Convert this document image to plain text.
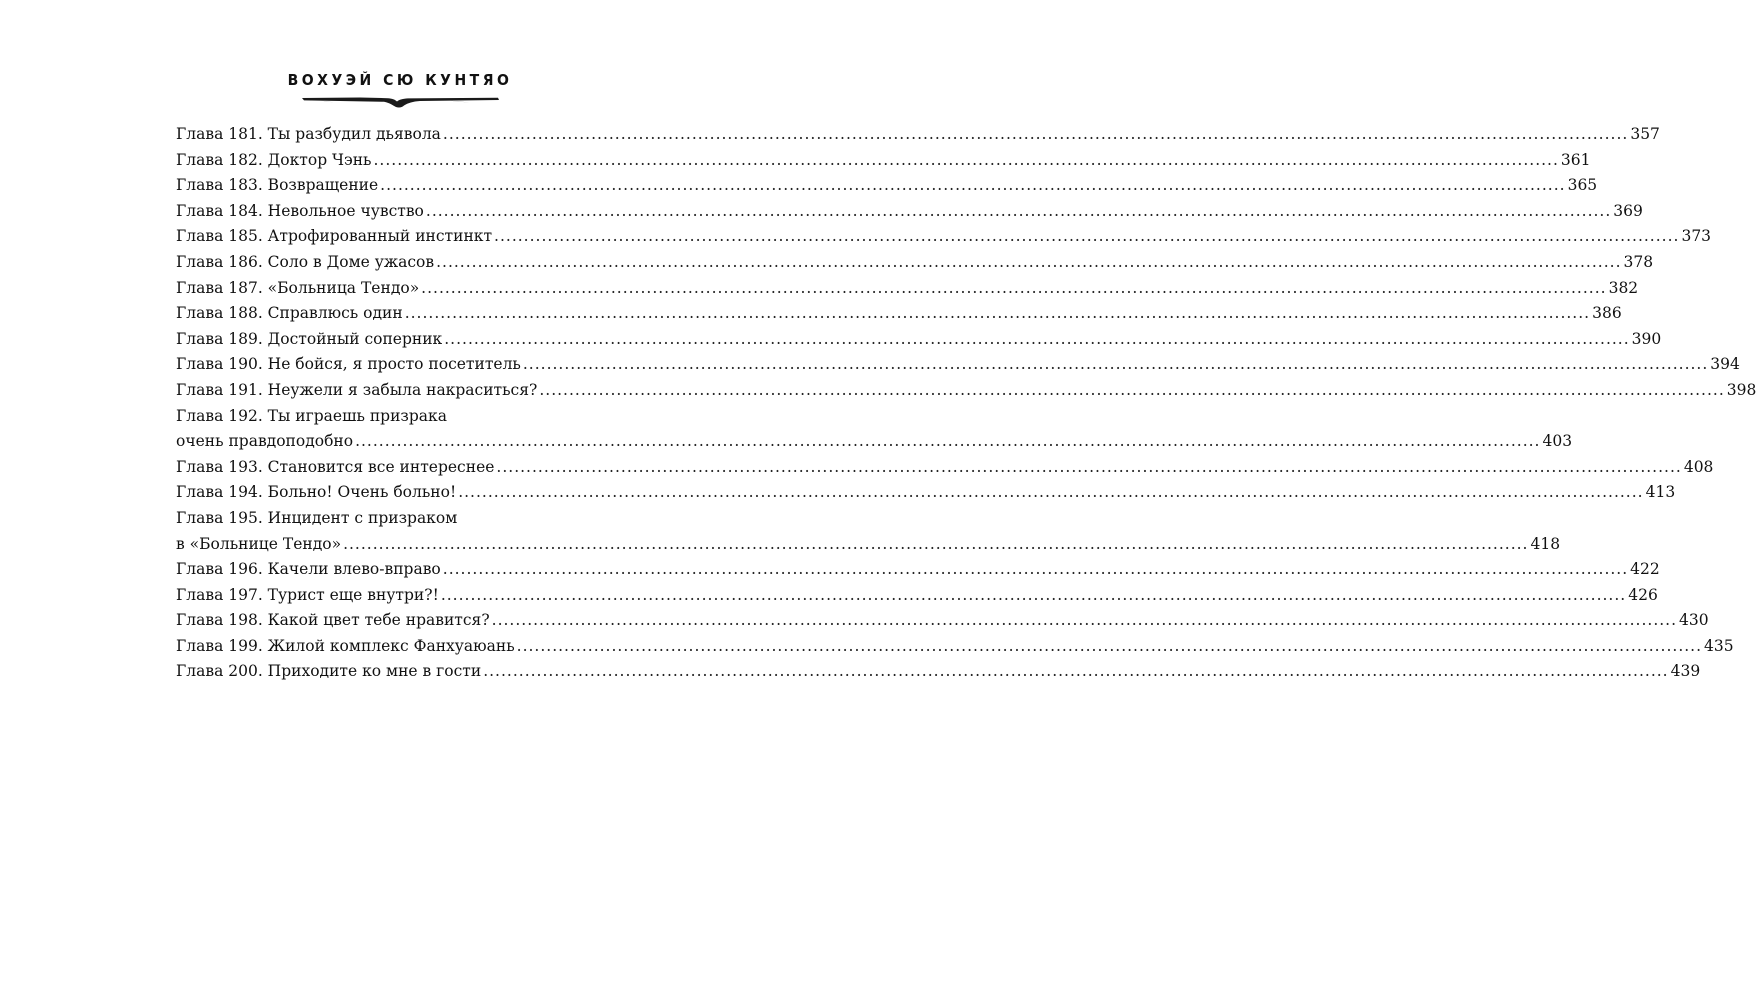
ВОХУЭЙ СЮ КУНТЯО
Глава 181. Ты разбудил дьявола ........................................................................................................................................................................................................ 357
Глава 182. Доктор Чэнь ........................................................................................................................................................................................................ 361
Глава 183. Возвращение ........................................................................................................................................................................................................ 365
Глава 184. Невольное чувство ........................................................................................................................................................................................................ 369
Глава 185. Атрофированный инстинкт ........................................................................................................................................................................................................ 373
Глава 186. Соло в Доме ужасов ........................................................................................................................................................................................................ 378
Глава 187. «Больница Тендо» ........................................................................................................................................................................................................ 382
Глава 188. Справлюсь один ........................................................................................................................................................................................................ 386
Глава 189. Достойный соперник ........................................................................................................................................................................................................ 390
Глава 190. Не бойся, я просто посетитель ........................................................................................................................................................................................................ 394
Глава 191. Неужели я забыла накраситься? ........................................................................................................................................................................................................ 398
Глава 192. Ты играешь призрака
очень правдоподобно ........................................................................................................................................................................................................ 403
Глава 193. Становится все интереснее ........................................................................................................................................................................................................ 408
Глава 194. Больно! Очень больно! ........................................................................................................................................................................................................ 413
Глава 195. Инцидент с призраком
в «Больнице Тендо» ........................................................................................................................................................................................................ 418
Глава 196. Качели влево-вправо ........................................................................................................................................................................................................ 422
Глава 197. Турист еще внутри?! ........................................................................................................................................................................................................ 426
Глава 198. Какой цвет тебе нравится? ........................................................................................................................................................................................................ 430
Глава 199. Жилой комплекс Фанхуаюань ........................................................................................................................................................................................................ 435
Глава 200. Приходите ко мне в гости ........................................................................................................................................................................................................ 439
